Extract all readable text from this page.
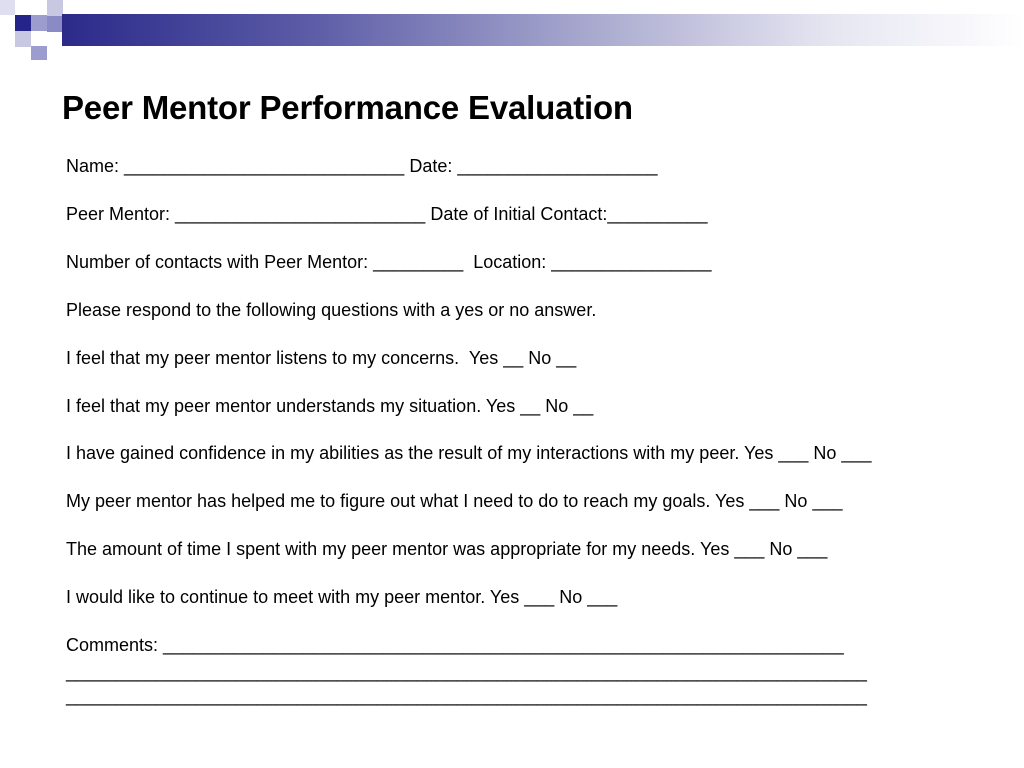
Peer Mentor Performance Evaluation
Name: ____________________________ Date: ____________________
Peer Mentor: _________________________ Date of Initial Contact:__________
Number of contacts with Peer Mentor: _________  Location: ________________
Please respond to the following questions with a yes or no answer.
I feel that my peer mentor listens to my concerns.  Yes __ No __
I feel that my peer mentor understands my situation. Yes __ No __
I have gained confidence in my abilities as the result of my interactions with my peer. Yes ___ No ___
My peer mentor has helped me to figure out what I need to do to reach my goals. Yes ___ No ___
The amount of time I spent with my peer mentor was appropriate for my needs. Yes ___ No ___
I would like to continue to meet with my peer mentor. Yes ___ No ___
Comments: ____________________________________________________________________
________________________________________________________________________________
________________________________________________________________________________
